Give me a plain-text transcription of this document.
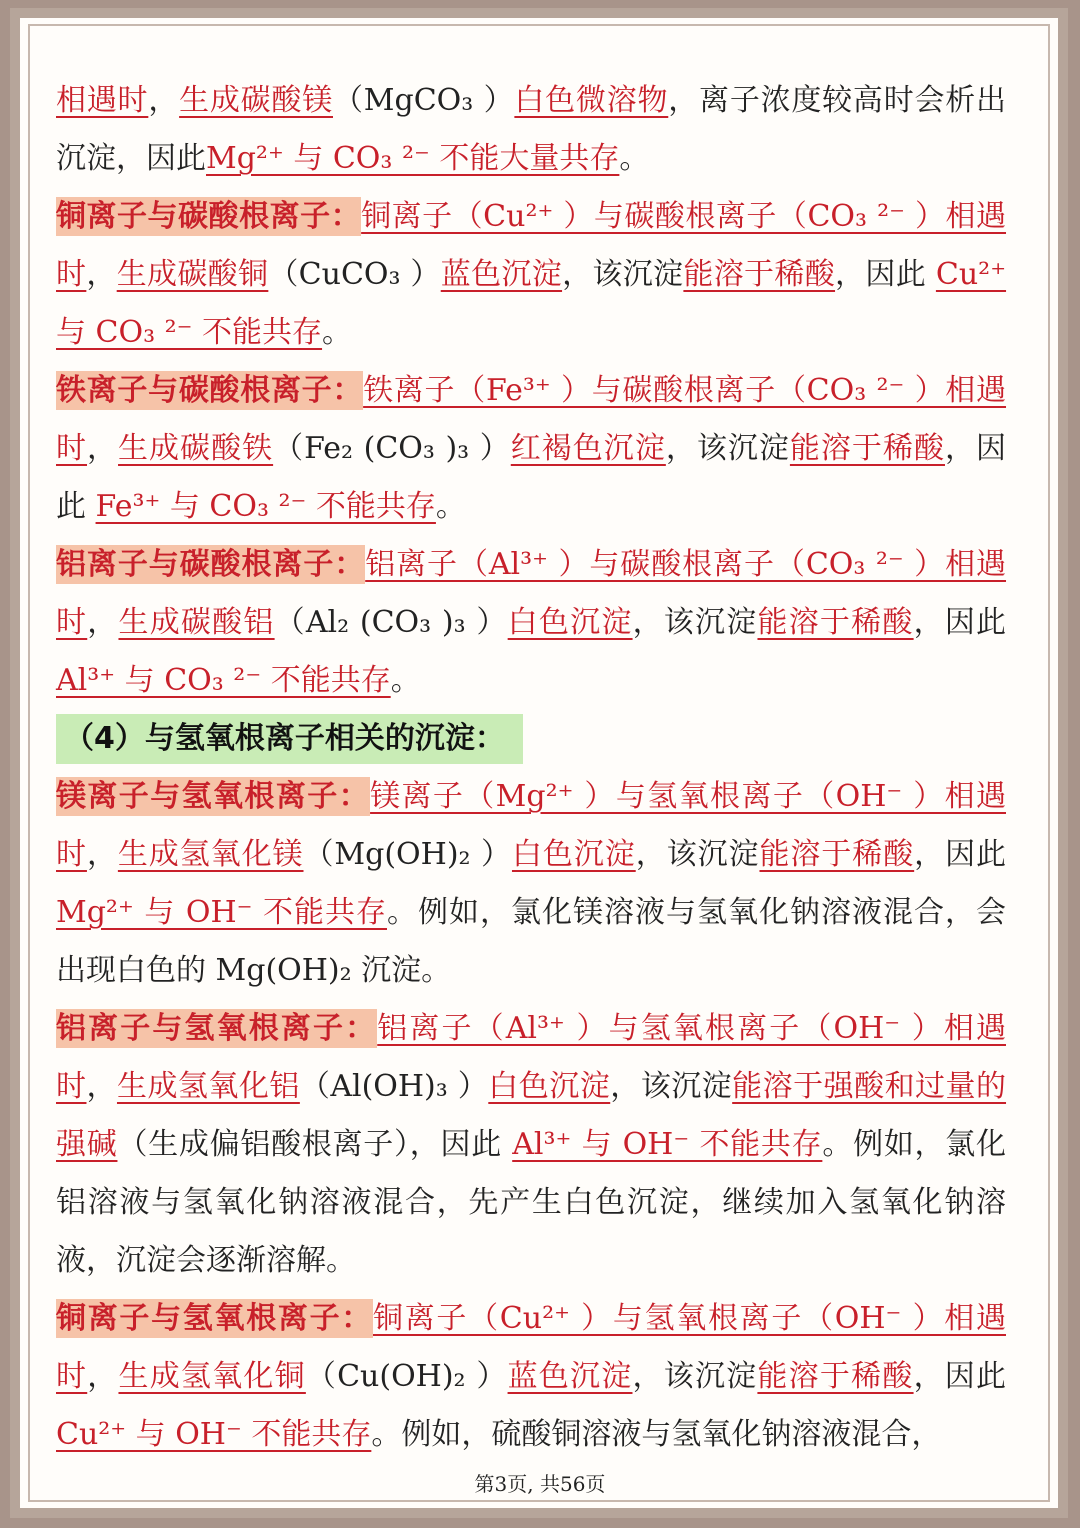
相遇时，生成碳酸镁（MgCO₃ ）白色微溶物，离子浓度较高时会析出沉淀，因此Mg²⁺ 与 CO₃ ²⁻ 不能大量共存。

铜离子与碳酸根离子：铜离子（Cu²⁺ ）与碳酸根离子（CO₃ ²⁻ ）相遇时，生成碳酸铜（CuCO₃ ）蓝色沉淀，该沉淀能溶于稀酸，因此 Cu²⁺ 与 CO₃ ²⁻ 不能共存。

铁离子与碳酸根离子：铁离子（Fe³⁺ ）与碳酸根离子（CO₃ ²⁻ ）相遇时，生成碳酸铁（Fe₂ (CO₃ )₃ ）红褐色沉淀，该沉淀能溶于稀酸，因此 Fe³⁺ 与 CO₃ ²⁻ 不能共存。

铝离子与碳酸根离子：铝离子（Al³⁺ ）与碳酸根离子（CO₃ ²⁻ ）相遇时，生成碳酸铝（Al₂ (CO₃ )₃ ）白色沉淀，该沉淀能溶于稀酸，因此 Al³⁺ 与 CO₃ ²⁻ 不能共存。

（4）与氢氧根离子相关的沉淀：

镁离子与氢氧根离子：镁离子（Mg²⁺ ）与氢氧根离子（OH⁻ ）相遇时，生成氢氧化镁（Mg(OH)₂ ）白色沉淀，该沉淀能溶于稀酸，因此 Mg²⁺ 与 OH⁻ 不能共存。例如，氯化镁溶液与氢氧化钠溶液混合，会出现白色的 Mg(OH)₂ 沉淀。

铝离子与氢氧根离子：铝离子（Al³⁺ ）与氢氧根离子（OH⁻ ）相遇时，生成氢氧化铝（Al(OH)₃ ）白色沉淀，该沉淀能溶于强酸和过量的强碱（生成偏铝酸根离子），因此 Al³⁺ 与 OH⁻ 不能共存。例如，氯化铝溶液与氢氧化钠溶液混合，先产生白色沉淀，继续加入氢氧化钠溶液，沉淀会逐渐溶解。

铜离子与氢氧根离子：铜离子（Cu²⁺ ）与氢氧根离子（OH⁻ ）相遇时，生成氢氧化铜（Cu(OH)₂ ）蓝色沉淀，该沉淀能溶于稀酸，因此 Cu²⁺ 与 OH⁻ 不能共存。例如，硫酸铜溶液与氢氧化钠溶液混合，

第3页, 共56页
